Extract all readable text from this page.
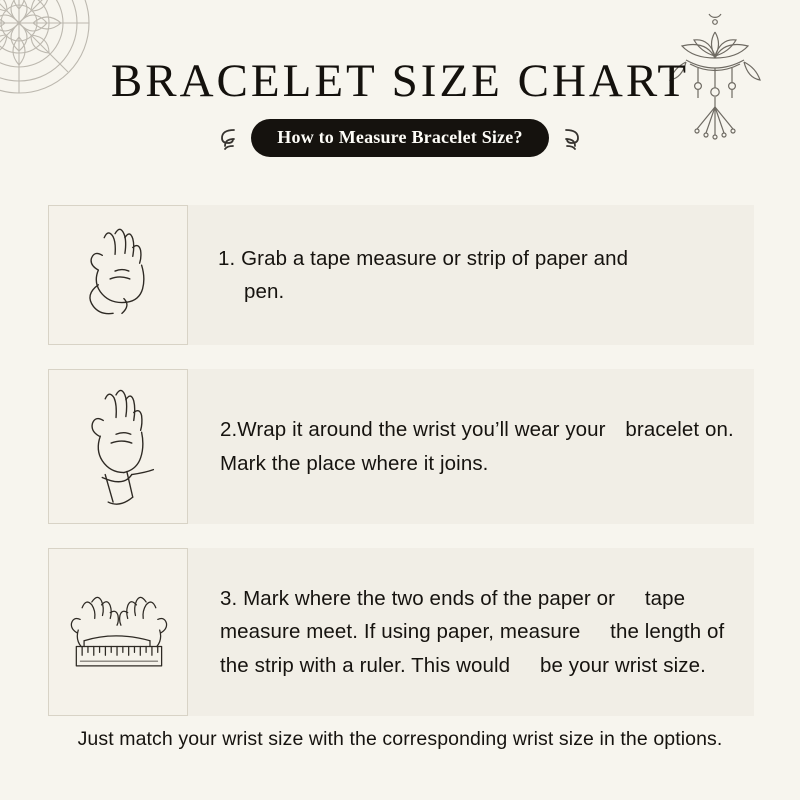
BRACELET SIZE CHART
How to Measure Bracelet Size?
1. Grab a tape measure or strip of paper and
pen.
2.Wrap it around the wrist you’ll wear your bracelet on. Mark the place where it joins.
3. Mark where the two ends of the paper or tape measure meet. If using paper, measure the length of the strip with a ruler. This would be your wrist size.
Just match your wrist size with the corresponding wrist size in the options.
